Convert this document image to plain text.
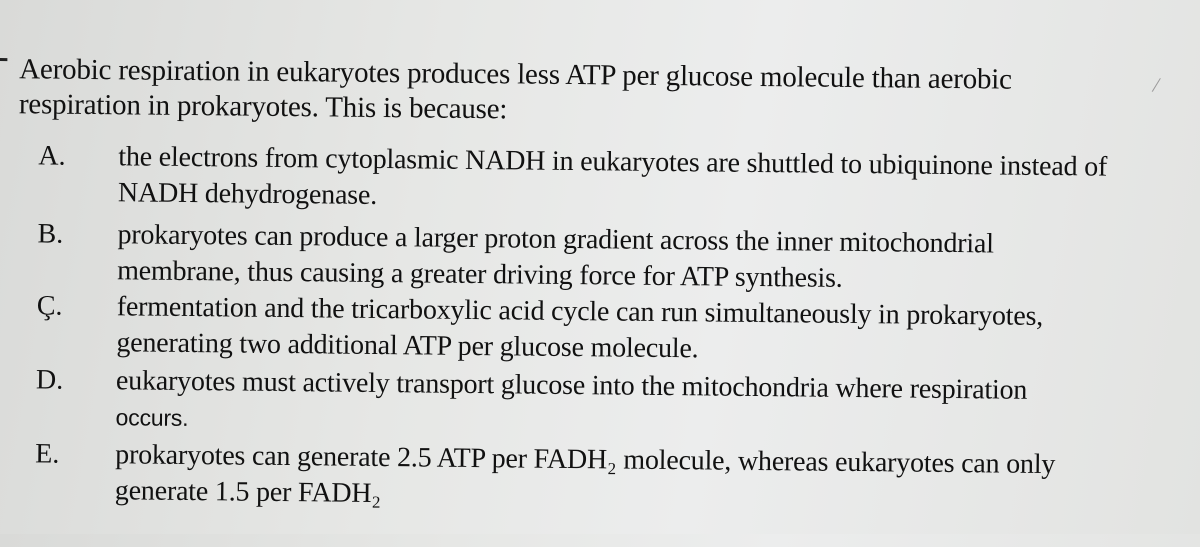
/
Aerobic respiration in eukaryotes produces less ATP per glucose molecule than aerobic
respiration in prokaryotes. This is because:
A. the electrons from cytoplasmic NADH in eukaryotes are shuttled to ubiquinone instead of
NADH dehydrogenase.
B. prokaryotes can produce a larger proton gradient across the inner mitochondrial
membrane, thus causing a greater driving force for ATP synthesis.
Ç. fermentation and the tricarboxylic acid cycle can run simultaneously in prokaryotes,
generating two additional ATP per glucose molecule.
D. eukaryotes must actively transport glucose into the mitochondria where respiration
occurs.
E. prokaryotes can generate 2.5 ATP per FADH₂ molecule, whereas eukaryotes can only
generate 1.5 per FADH₂
